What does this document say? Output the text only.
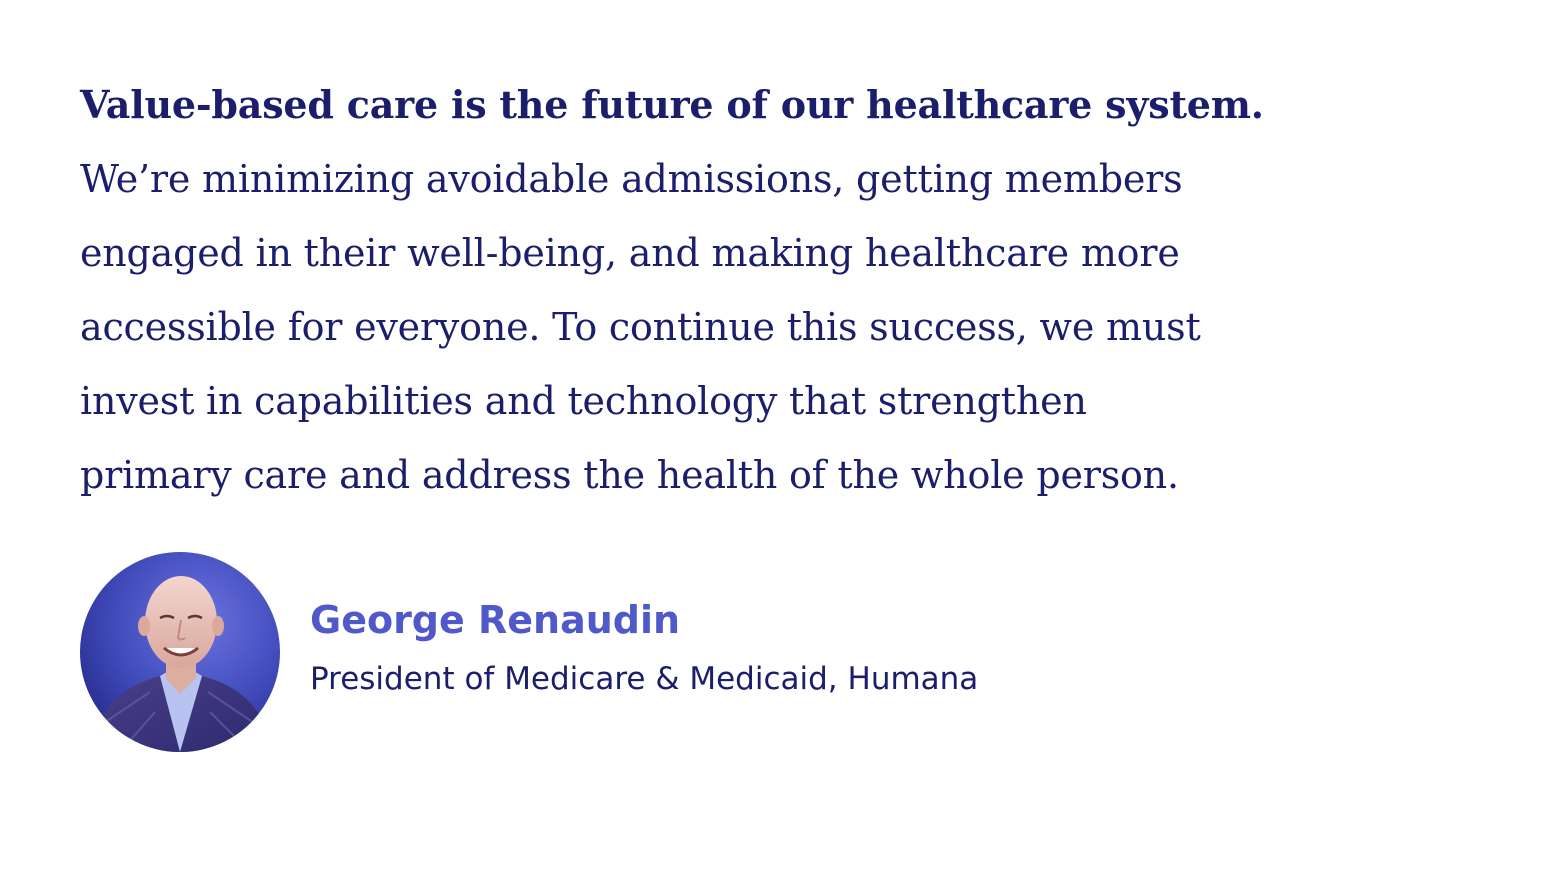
Value-based care is the future of our healthcare system.
We’re minimizing avoidable admissions, getting members
engaged in their well-being, and making healthcare more
accessible for everyone. To continue this success, we must
invest in capabilities and technology that strengthen
primary care and address the health of the whole person.

George Renaudin

President of Medicare & Medicaid, Humana
